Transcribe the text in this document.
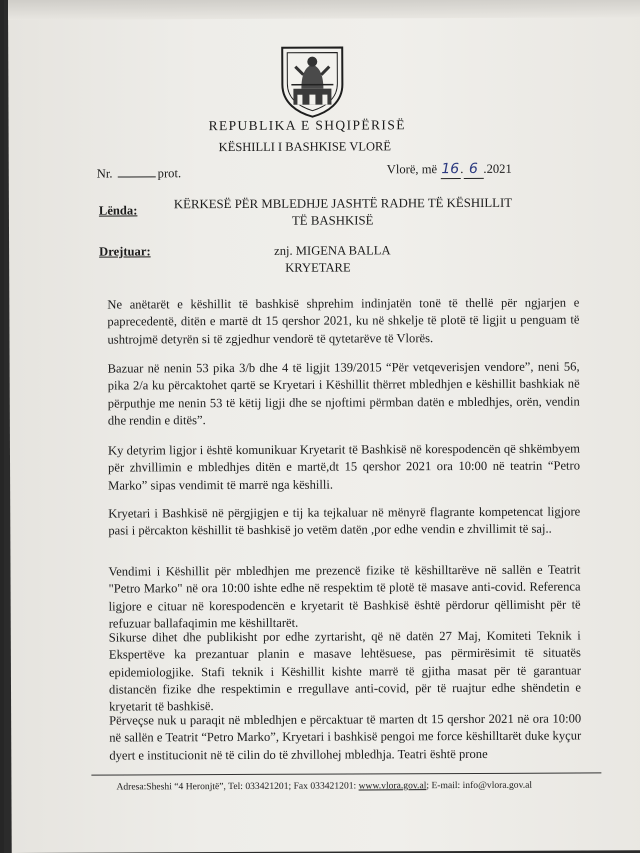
REPUBLIKA E SHQIPËRISË
KËSHILLI I BASHKISE VLORË
Nr.	prot.	Vlorë, më 16. 6 .2021
Lënda:	KËRKESË PËR MBLEDHJE JASHTË RADHE TË KËSHILLIT
TË BASHKISË
Drejtuar:	znj. MIGENA BALLA
KRYETARE
Ne anëtarët e këshillit të bashkisë shprehim indinjatën tonë të thellë për ngjarjen e paprecedentë, ditën e martë dt 15 qershor 2021, ku në shkelje të plotë të ligjit u penguam të ushtrojmë detyrën si të zgjedhur vendorë të qytetarëve të Vlorës.
Bazuar në nenin 53 pika 3/b dhe 4 të ligjit 139/2015 “Për vetqeverisjen vendore”, neni 56, pika 2/a ku përcaktohet qartë se Kryetari i Këshillit thërret mbledhjen e këshillit bashkiak në përputhje me nenin 53 të këtij ligji dhe se njoftimi përmban datën e mbledhjes, orën, vendin dhe rendin e ditës”.
Ky detyrim ligjor i është komunikuar Kryetarit të Bashkisë në korespodencën që shkëmbyem për zhvillimin e mbledhjes ditën e martë,dt 15 qershor 2021 ora 10:00 në teatrin “Petro Marko” sipas vendimit të marrë nga këshilli.
Kryetari i Bashkisë në përgjigjen e tij ka tejkaluar në mënyrë flagrante kompetencat ligjore pasi i përcakton këshillit të bashkisë jo vetëm datën ,por edhe vendin e zhvillimit të saj..
Vendimi i Këshillit për mbledhjen me prezencë fizike të këshilltarëve në sallën e Teatrit "Petro Marko" në ora 10:00 ishte edhe në respektim të plotë të masave anti-covid. Referenca ligjore e cituar në korespodencën e kryetarit të Bashkisë është përdorur qëllimisht për të refuzuar ballafaqimin me këshilltarët.
Sikurse dihet dhe publikisht por edhe zyrtarisht, që në datën 27 Maj, Komiteti Teknik i Ekspertëve ka prezantuar planin e masave lehtësuese, pas përmirësimit të situatës epidemiologjike. Stafi teknik i Këshillit kishte marrë të gjitha masat për të garantuar distancën fizike dhe respektimin e rregullave anti-covid, për të ruajtur edhe shëndetin e kryetarit të bashkisë.
Përveçse nuk u paraqit në mbledhjen e përcaktuar të marten dt 15 qershor 2021 në ora 10:00 në sallën e Teatrit “Petro Marko”, Kryetari i bashkisë pengoi me force këshilltarët duke kyçur dyert e institucionit në të cilin do të zhvillohej mbledhja. Teatri është prone
Adresa:Sheshi “4 Heronjtë”, Tel: 033421201; Fax 033421201: www.vlora.gov.al; E-mail: info@vlora.gov.al
